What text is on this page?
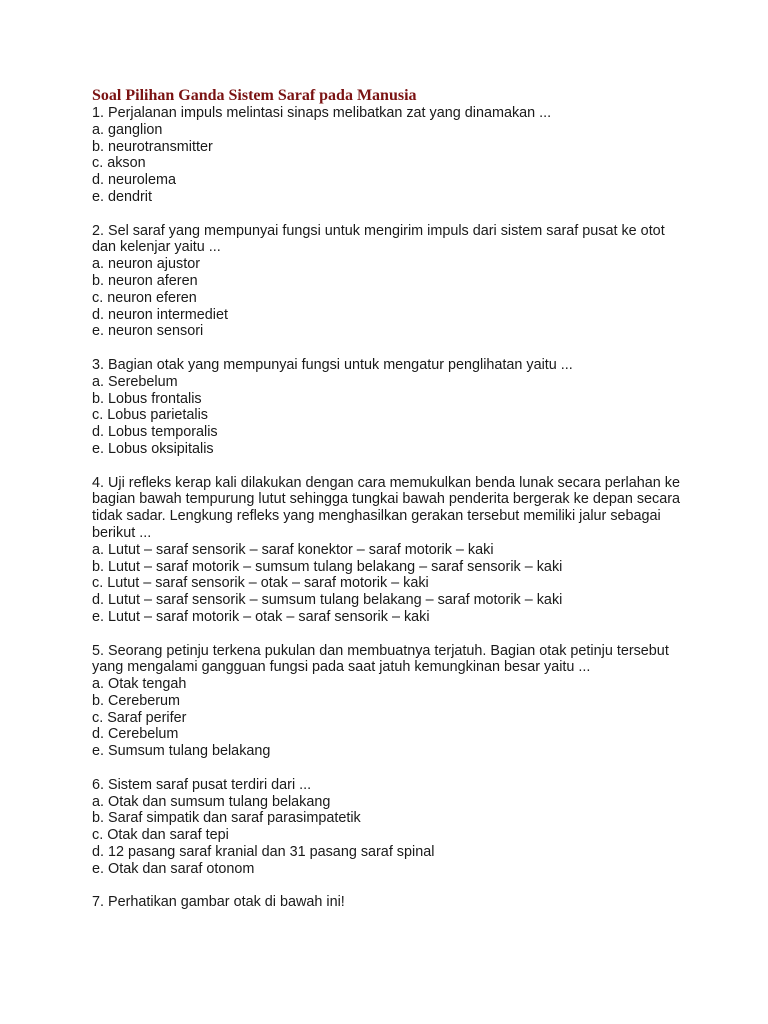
Soal Pilihan Ganda Sistem Saraf pada Manusia

1. Perjalanan impuls melintasi sinaps melibatkan zat yang dinamakan ...

a. ganglion

b. neurotransmitter

c. akson

d. neurolema

e. dendrit

2. Sel saraf yang mempunyai fungsi untuk mengirim impuls dari sistem saraf pusat ke otot dan kelenjar yaitu ...

a. neuron ajustor

b. neuron aferen

c. neuron eferen

d. neuron intermediet

e. neuron sensori

3. Bagian otak yang mempunyai fungsi untuk mengatur penglihatan yaitu ...

a. Serebelum

b. Lobus frontalis

c. Lobus parietalis

d. Lobus temporalis

e. Lobus oksipitalis

4. Uji refleks kerap kali dilakukan dengan cara memukulkan benda lunak secara perlahan ke bagian bawah tempurung lutut sehingga tungkai bawah penderita bergerak ke depan secara tidak sadar. Lengkung refleks yang menghasilkan gerakan tersebut memiliki jalur sebagai berikut ...

a. Lutut – saraf sensorik – saraf konektor – saraf motorik – kaki

b. Lutut – saraf motorik – sumsum tulang belakang – saraf sensorik – kaki

c. Lutut – saraf sensorik – otak – saraf motorik – kaki

d. Lutut – saraf sensorik – sumsum tulang belakang – saraf motorik – kaki

e. Lutut – saraf motorik – otak – saraf sensorik – kaki

5. Seorang petinju terkena pukulan dan membuatnya terjatuh. Bagian otak petinju tersebut yang mengalami gangguan fungsi pada saat jatuh kemungkinan besar yaitu ...

a. Otak tengah

b. Cereberum

c. Saraf perifer

d. Cerebelum

e. Sumsum tulang belakang

6. Sistem saraf pusat terdiri dari ...

a. Otak dan sumsum tulang belakang

b. Saraf simpatik dan saraf parasimpatetik

c. Otak dan saraf tepi

d. 12 pasang saraf kranial dan 31 pasang saraf spinal

e. Otak dan saraf otonom

7. Perhatikan gambar otak di bawah ini!
